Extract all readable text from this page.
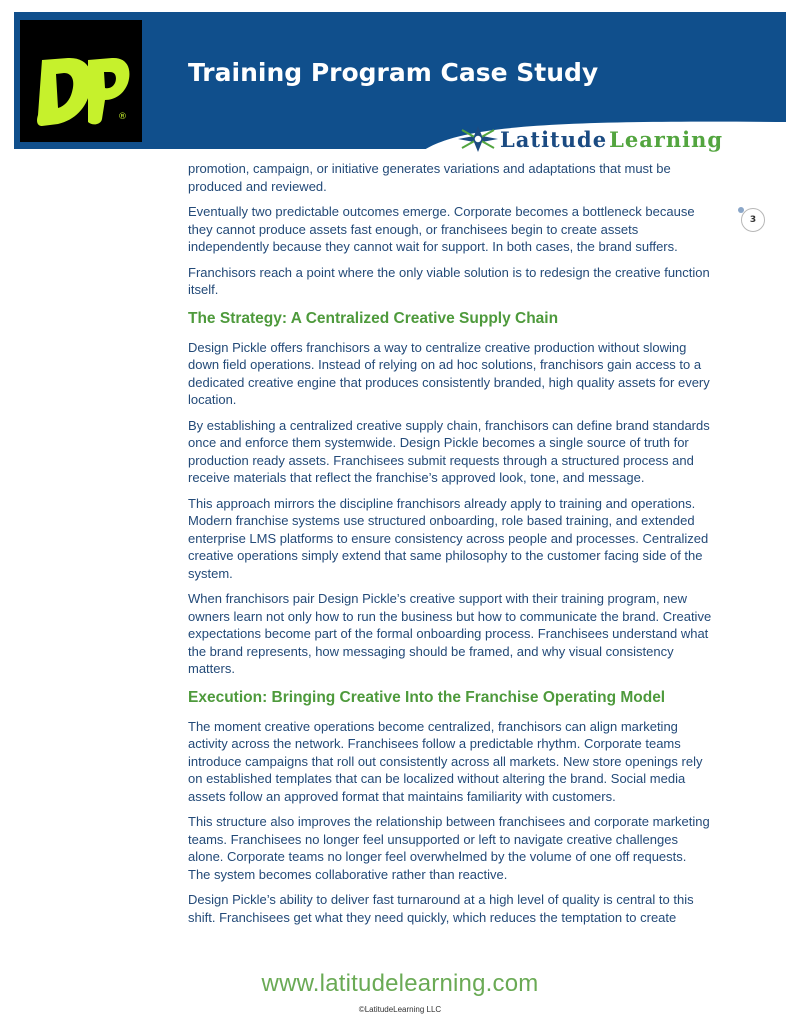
®
Training Program Case Study
Latitude Learning
3

promotion, campaign, or initiative generates variations and adaptations that must be produced and reviewed.

Eventually two predictable outcomes emerge. Corporate becomes a bottleneck because they cannot produce assets fast enough, or franchisees begin to create assets independently because they cannot wait for support. In both cases, the brand suffers.

Franchisors reach a point where the only viable solution is to redesign the creative function itself.

The Strategy: A Centralized Creative Supply Chain

Design Pickle offers franchisors a way to centralize creative production without slowing down field operations. Instead of relying on ad hoc solutions, franchisors gain access to a dedicated creative engine that produces consistently branded, high quality assets for every location.

By establishing a centralized creative supply chain, franchisors can define brand standards once and enforce them systemwide. Design Pickle becomes a single source of truth for production ready assets. Franchisees submit requests through a structured process and receive materials that reflect the franchise’s approved look, tone, and message.

This approach mirrors the discipline franchisors already apply to training and operations. Modern franchise systems use structured onboarding, role based training, and extended enterprise LMS platforms to ensure consistency across people and processes. Centralized creative operations simply extend that same philosophy to the customer facing side of the system.

When franchisors pair Design Pickle’s creative support with their training program, new owners learn not only how to run the business but how to communicate the brand. Creative expectations become part of the formal onboarding process. Franchisees understand what the brand represents, how messaging should be framed, and why visual consistency matters.

Execution: Bringing Creative Into the Franchise Operating Model

The moment creative operations become centralized, franchisors can align marketing activity across the network. Franchisees follow a predictable rhythm. Corporate teams introduce campaigns that roll out consistently across all markets. New store openings rely on established templates that can be localized without altering the brand. Social media assets follow an approved format that maintains familiarity with customers.

This structure also improves the relationship between franchisees and corporate marketing teams. Franchisees no longer feel unsupported or left to navigate creative challenges alone. Corporate teams no longer feel overwhelmed by the volume of one off requests. The system becomes collaborative rather than reactive.

Design Pickle’s ability to deliver fast turnaround at a high level of quality is central to this shift. Franchisees get what they need quickly, which reduces the temptation to create

www.latitudelearning.com
©LatitudeLearning LLC
